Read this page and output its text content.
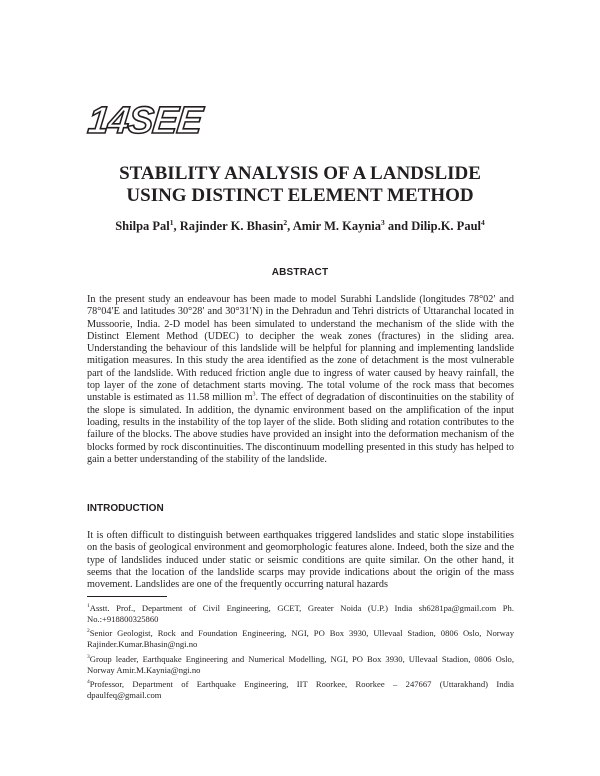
14SEE
STABILITY ANALYSIS OF A LANDSLIDE
USING DISTINCT ELEMENT METHOD
Shilpa Pal$^1$, Rajinder K. Bhasin$^2$, Amir M. Kaynia$^3$ and Dilip.K. Paul$^4$
ABSTRACT
In the present study an endeavour has been made to model Surabhi Landslide (longitudes 78°02′ and 78°04′E and latitudes 30°28′ and 30°31′N) in the Dehradun and Tehri districts of Uttaranchal located in Mussoorie, India. 2-D model has been simulated to understand the mechanism of the slide with the Distinct Element Method (UDEC) to decipher the weak zones (fractures) in the sliding area. Understanding the behaviour of this landslide will be helpful for planning and implementing landslide mitigation measures. In this study the area identified as the zone of detachment is the most vulnerable part of the landslide. With reduced friction angle due to ingress of water caused by heavy rainfall, the top layer of the zone of detachment starts moving. The total volume of the rock mass that becomes unstable is estimated as 11.58 million $m^3$. The effect of degradation of discontinuities on the stability of the slope is simulated. In addition, the dynamic environment based on the amplification of the input loading, results in the instability of the top layer of the slide. Both sliding and rotation contributes to the failure of the blocks. The above studies have provided an insight into the deformation mechanism of the blocks formed by rock discontinuities. The discontinuum modelling presented in this study has helped to gain a better understanding of the stability of the landslide.
INTRODUCTION
It is often difficult to distinguish between earthquakes triggered landslides and static slope instabilities on the basis of geological environment and geomorphologic features alone. Indeed, both the size and the type of landslides induced under static or seismic conditions are quite similar. On the other hand, it seems that the location of the landslide scarps may provide indications about the origin of the mass movement. Landslides are one of the frequently occurring natural hazards
$^1$Asstt. Prof., Department of Civil Engineering, GCET, Greater Noida (U.P.) India sh6281pa@gmail.com Ph. No.:+918800325860
$^2$Senior Geologist, Rock and Foundation Engineering, NGI, PO Box 3930, Ullevaal Stadion, 0806 Oslo, Norway Rajinder.Kumar.Bhasin@ngi.no
$^3$Group leader, Earthquake Engineering and Numerical Modelling, NGI, PO Box 3930, Ullevaal Stadion, 0806 Oslo, Norway Amir.M.Kaynia@ngi.no
$^4$Professor, Department of Earthquake Engineering, IIT Roorkee, Roorkee – 247667 (Uttarakhand) India dpaulfeq@gmail.com
